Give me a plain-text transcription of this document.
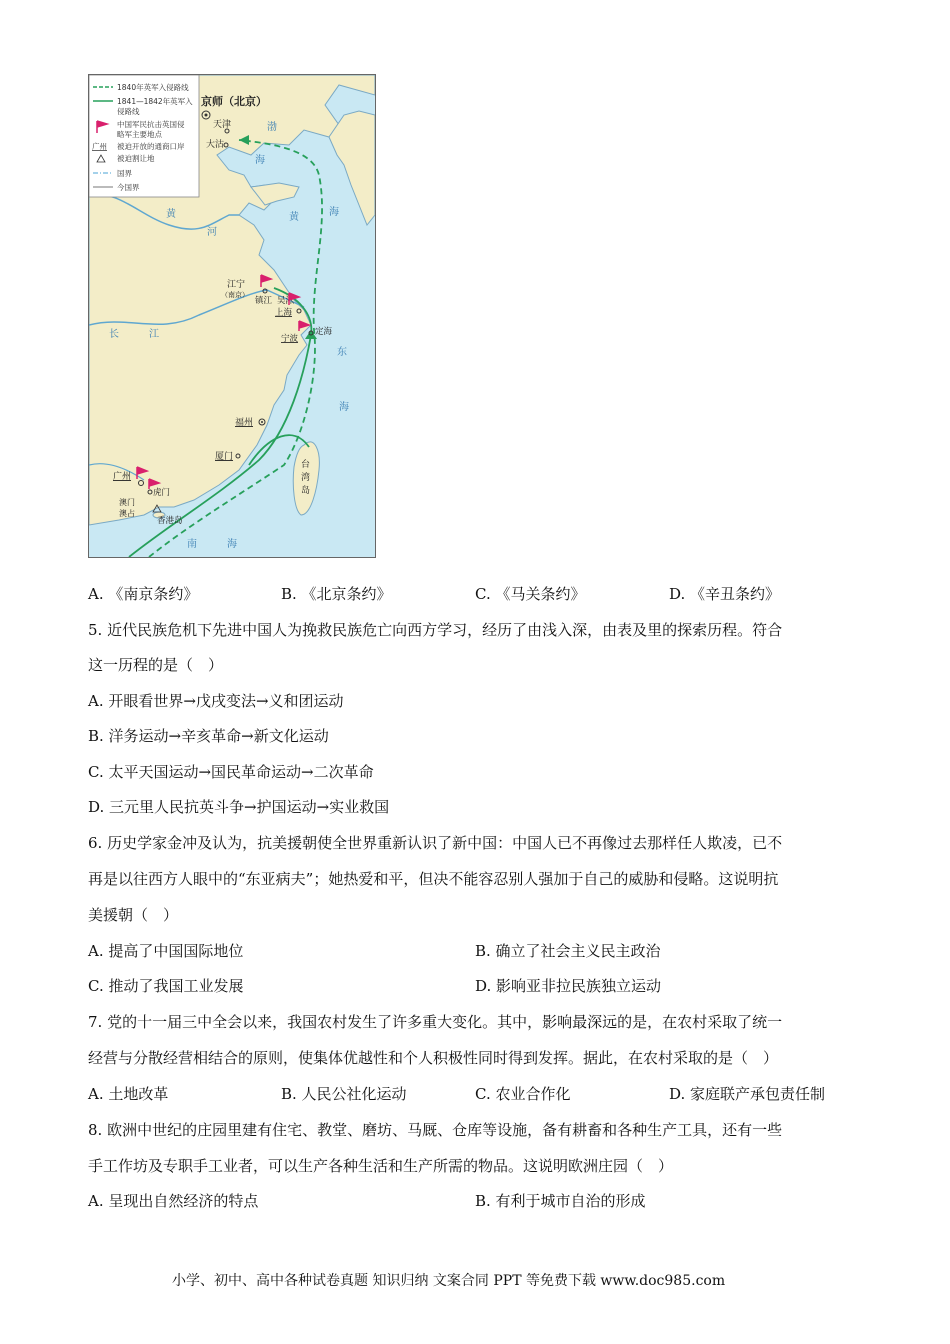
1840年英军入侵路线
1841—1842年英军入
侵路线
中国军民抗击英国侵
略军主要地点
广州 被迫开放的通商口岸
被迫割让地
国界
今国界
京师（北京）
天津
大沽
江宁
（南京）
镇江 吴淞
上海
宁波
定海
福州
厦门
广州
虎门
澳门
澳占
香港岛
台
湾
岛
黄
河
长	江
渤
海
黄	海
东
海
南	海
A. 《南京条约》	B. 《北京条约》	C. 《马关条约》	D. 《辛丑条约》
5. 近代民族危机下先进中国人为挽救民族危亡向西方学习，经历了由浅入深，由表及里的探索历程。符合
这一历程的是（　）
A. 开眼看世界→戊戌变法→义和团运动
B. 洋务运动→辛亥革命→新文化运动
C. 太平天国运动→国民革命运动→二次革命
D. 三元里人民抗英斗争→护国运动→实业救国
6. 历史学家金冲及认为，抗美援朝使全世界重新认识了新中国：中国人已不再像过去那样任人欺凌，已不
再是以往西方人眼中的“东亚病夫”；她热爱和平，但决不能容忍别人强加于自己的威胁和侵略。这说明抗
美援朝（　）
A. 提高了中国国际地位	B. 确立了社会主义民主政治
C. 推动了我国工业发展	D. 影响亚非拉民族独立运动
7. 党的十一届三中全会以来，我国农村发生了许多重大变化。其中，影响最深远的是，在农村采取了统一
经营与分散经营相结合的原则，使集体优越性和个人积极性同时得到发挥。据此，在农村采取的是（　）
A. 土地改革	B. 人民公社化运动	C. 农业合作化	D. 家庭联产承包责任制
8. 欧洲中世纪的庄园里建有住宅、教堂、磨坊、马厩、仓库等设施，备有耕畜和各种生产工具，还有一些
手工作坊及专职手工业者，可以生产各种生活和生产所需的物品。这说明欧洲庄园（　）
A. 呈现出自然经济的特点	B. 有利于城市自治的形成
小学、初中、高中各种试卷真题 知识归纳 文案合同 PPT 等免费下载 www.doc985.com
